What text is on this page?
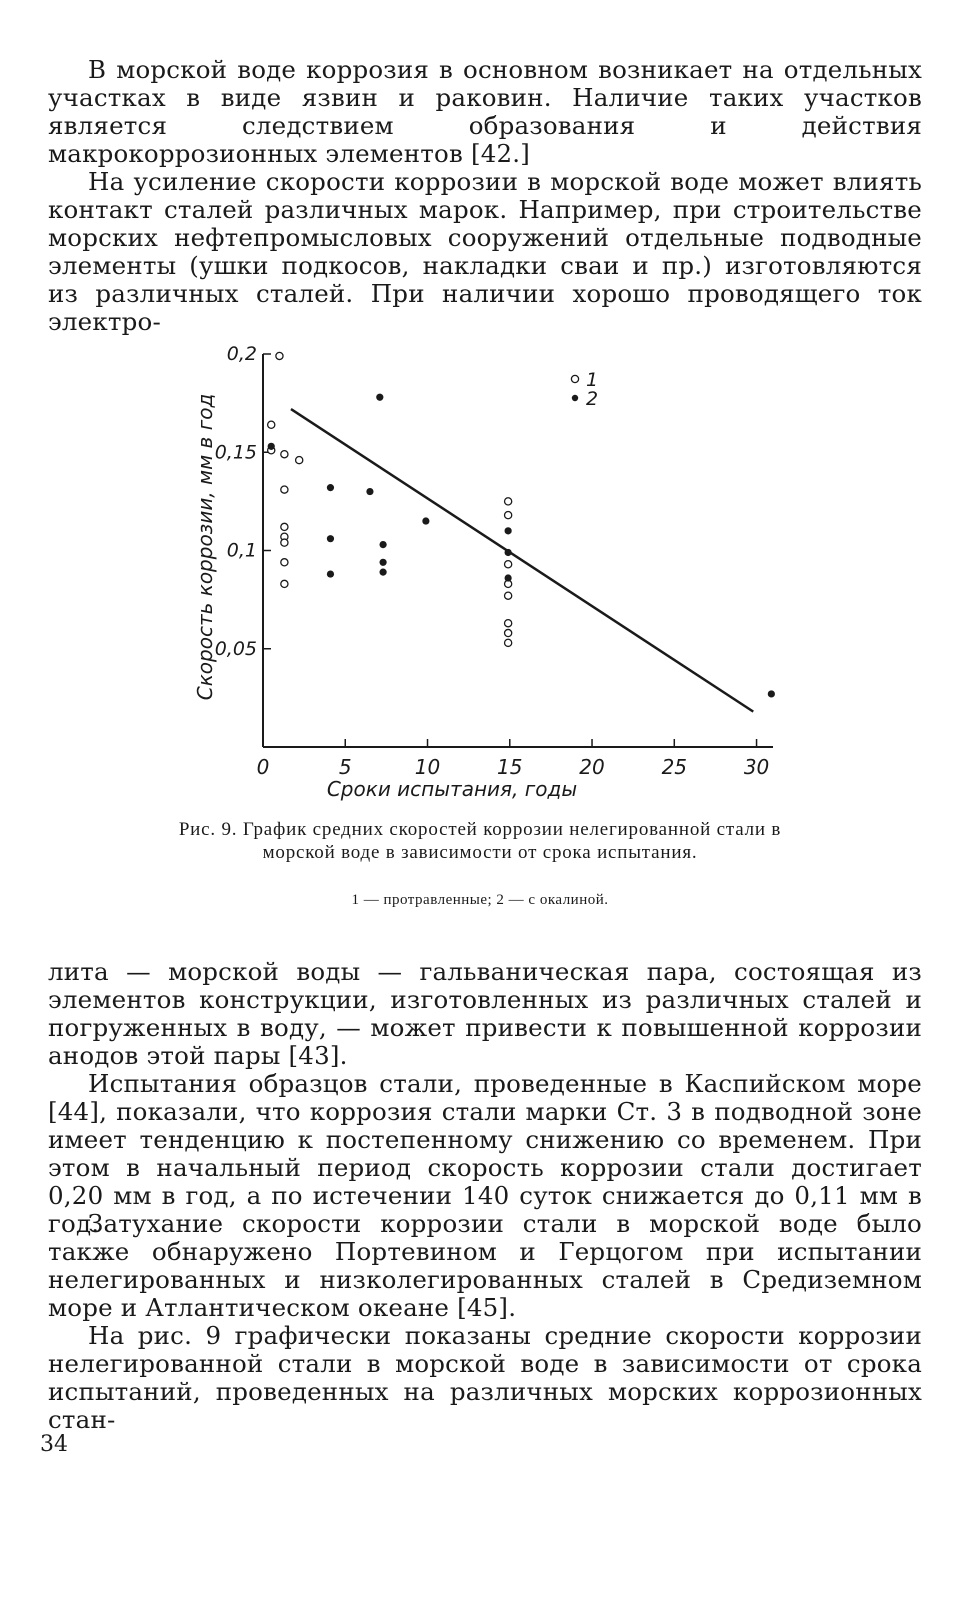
В морской воде коррозия в основном возникает на отдельных участках в виде язвин и раковин. Наличие таких участков является следствием образования и действия макрокоррозионных элементов [42.]

На усиление скорости коррозии в морской воде может влиять контакт сталей различных марок. Например, при строительстве морских нефтепромысловых сооружений отдельные подводные элементы (ушки подкосов, накладки сваи и пр.) изготовляются из различных сталей. При наличии хорошо проводящего ток электро-

0	5	10	15	20	25	30
0,05
0,1
0,15
0,2
1
2
Сроки испытания, годы
Скорость коррозии, мм в год

Рис. 9. График средних скоростей коррозии нелегированной стали в морской воде в зависимости от срока испытания.

1 — протравленные; 2 — с окалиной.

лита — морской воды — гальваническая пара, состоящая из элементов конструкции, изготовленных из различных сталей и погруженных в воду, — может привести к повышенной коррозии анодов этой пары [43].

Испытания образцов стали, проведенные в Каспийском море [44], показали, что коррозия стали марки Ст. 3 в подводной зоне имеет тенденцию к постепенному снижению со временем. При этом в начальный период скорость коррозии стали достигает 0,20 мм в год, а по истечении 140 суток снижается до 0,11 мм в год.

Затухание скорости коррозии стали в морской воде было также обнаружено Портевином и Герцогом при испытании нелегированных и низколегированных сталей в Средиземном море и Атлантическом океане [45].

На рис. 9 графически показаны средние скорости коррозии нелегированной стали в морской воде в зависимости от срока испытаний, проведенных на различных морских коррозионных стан-

34
